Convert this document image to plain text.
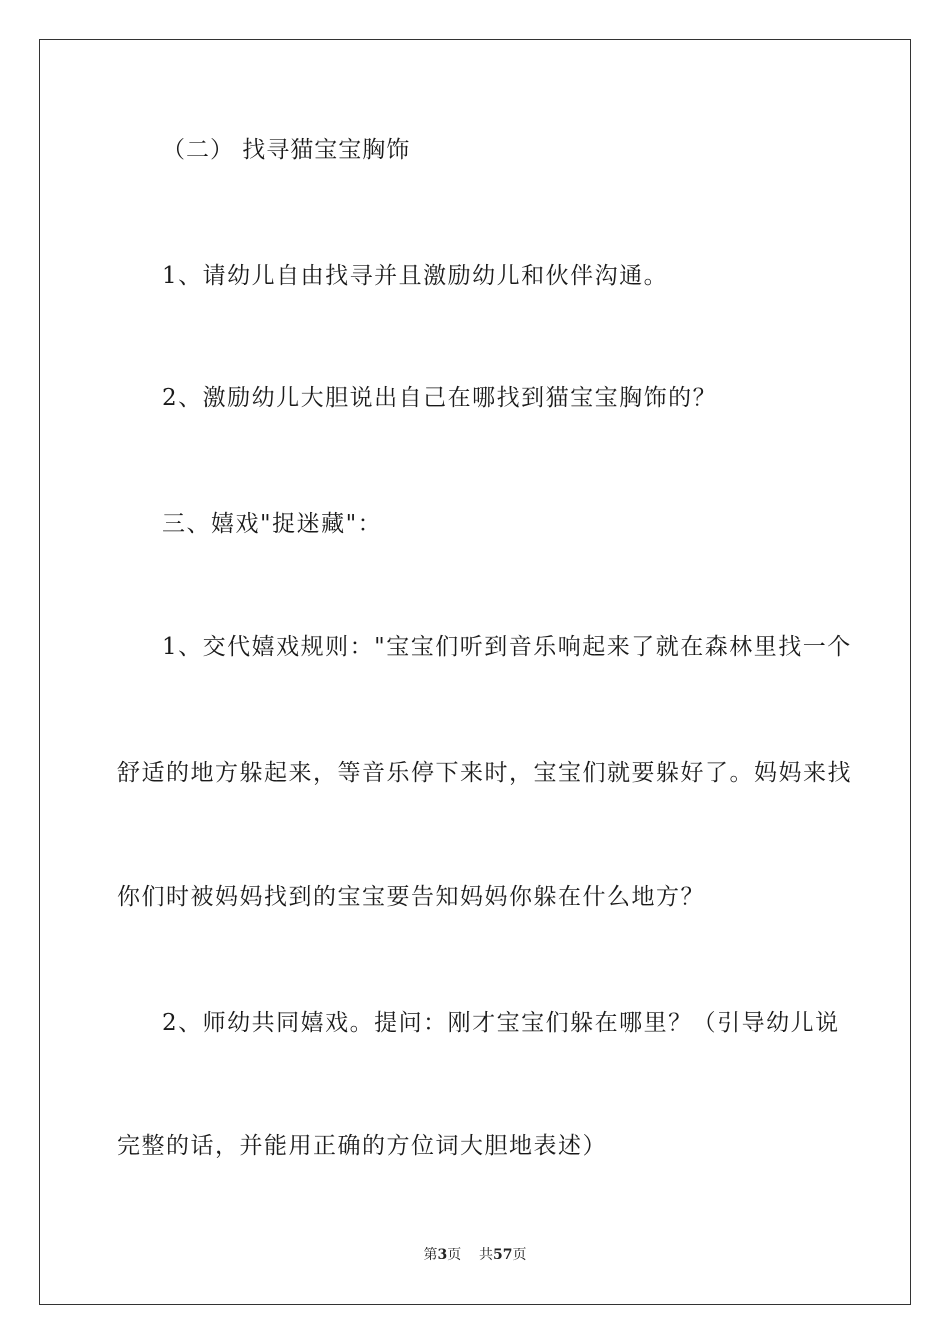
（二） 找寻猫宝宝胸饰
1、请幼儿自由找寻并且激励幼儿和伙伴沟通。
2、激励幼儿大胆说出自己在哪找到猫宝宝胸饰的？
三、嬉戏"捉迷藏"：
1、交代嬉戏规则："宝宝们听到音乐响起来了就在森林里找一个
舒适的地方躲起来，等音乐停下来时，宝宝们就要躲好了。妈妈来找
你们时被妈妈找到的宝宝要告知妈妈你躲在什么地方？
2、师幼共同嬉戏。提问：刚才宝宝们躲在哪里？（引导幼儿说
完整的话，并能用正确的方位词大胆地表述）
第3页 共57页
